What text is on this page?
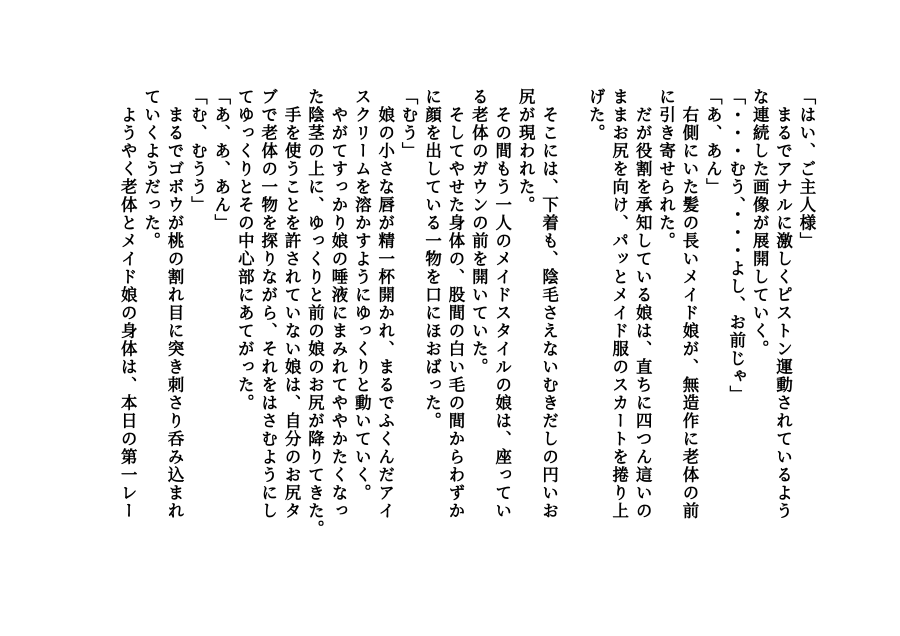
「はい、ご主人様」
　まるでアナルに激しくピストン運動されているよう
な連続した画像が展開していく。
「・・・むう、・・・よし、お前じゃ」
「あ、あん」
　右側にいた髪の長いメイド娘が、無造作に老体の前
に引き寄せられた。
　だが役割を承知している娘は、直ちに四つん這いの
ままお尻を向け、パッとメイド服のスカートを捲り上
げた。
　そこには、下着も、陰毛さえないむきだしの円いお
尻が現われた。
　その間もう一人のメイドスタイルの娘は、座ってい
る老体のガウンの前を開いていた。
　そしてやせた身体の、股間の白い毛の間からわずか
に顔を出している一物を口にほおばった。
「むう」
　娘の小さな唇が精一杯開かれ、まるでふくんだアイ
スクリームを溶かすようにゆっくりと動いていく。
　やがてすっかり娘の唾液にまみれてややかたくなっ
た陰茎の上に、ゆっくりと前の娘のお尻が降りてきた。
　手を使うことを許されていない娘は、自分のお尻タ
ブで老体の一物を探りながら、それをはさむようにし
てゆっくりとその中心部にあてがった。
「あ、あ、あん」
「む、むうう」
　まるでゴボウが桃の割れ目に突き刺さり呑み込まれ
ていくようだった。
　ようやく老体とメイド娘の身体は、本日の第一レー
